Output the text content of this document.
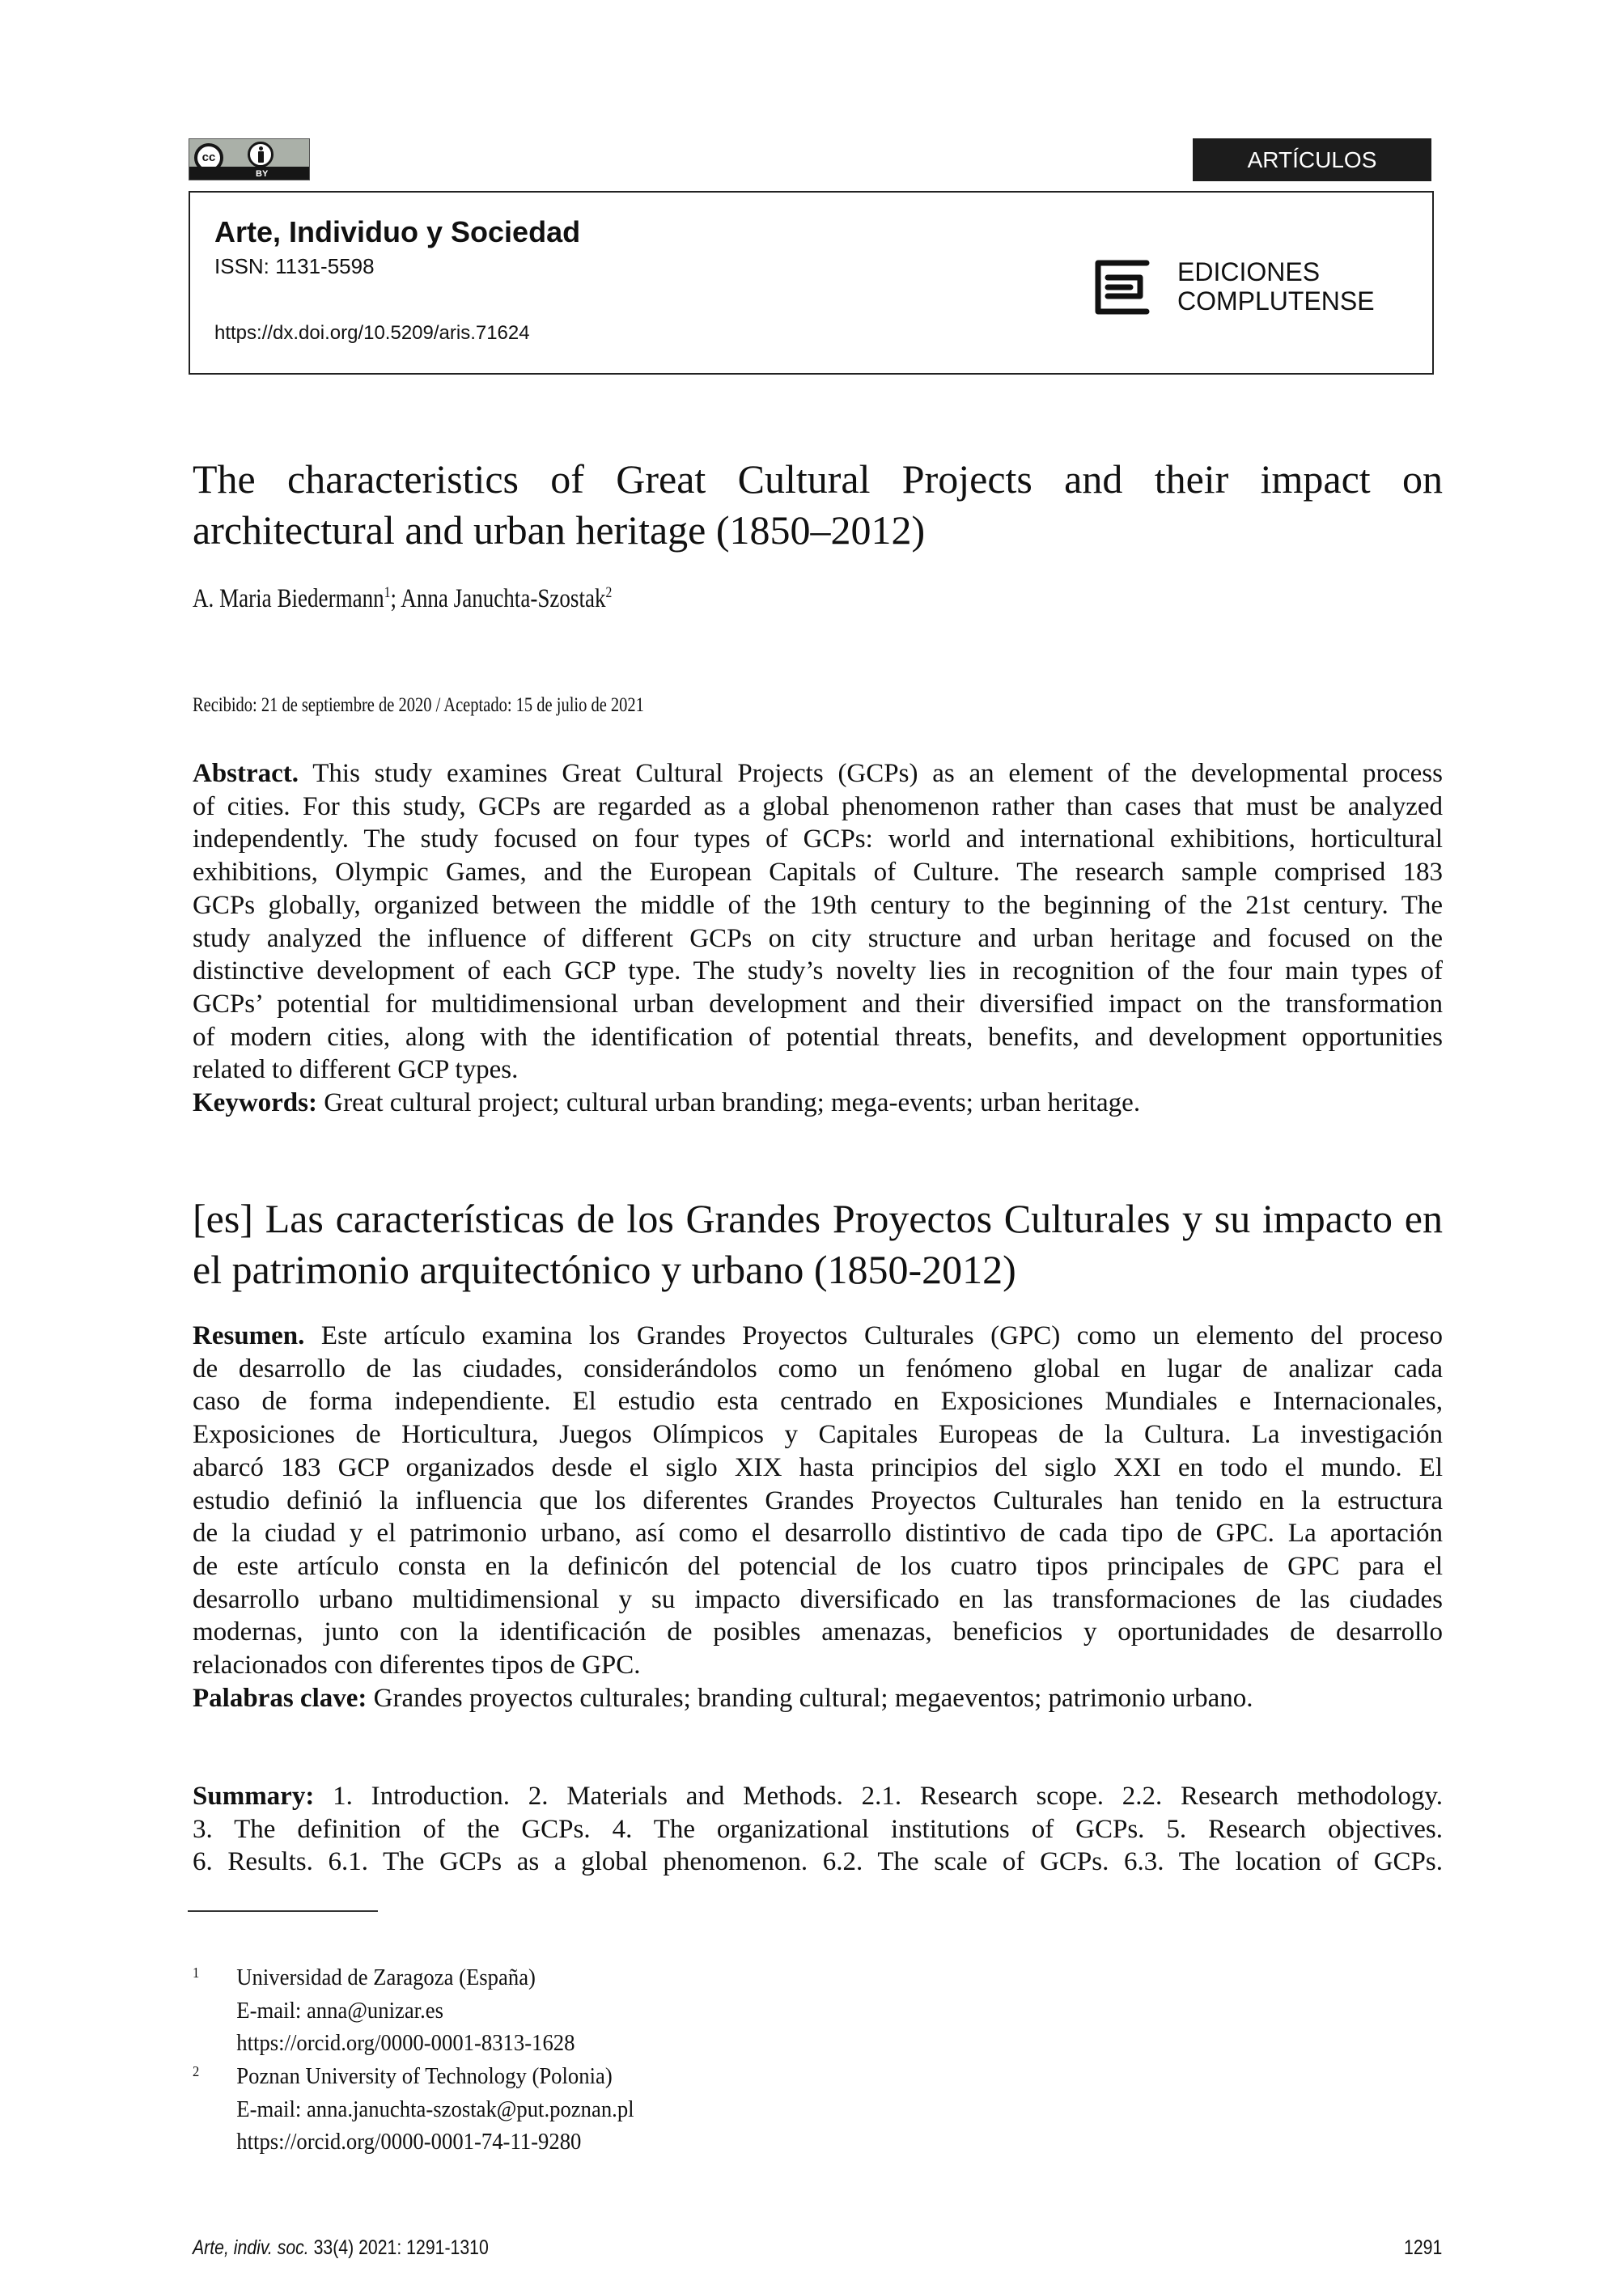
cc
BY
ARTÍCULOS
Arte, Individuo y Sociedad
ISSN: 1131-5598
https://dx.doi.org/10.5209/aris.71624
EDICIONES
COMPLUTENSE
The characteristics of Great Cultural Projects and their impact on
architectural and urban heritage (1850–2012)
A. Maria Biedermann$^1$; Anna Januchta-Szostak$^2$
Recibido: 21 de septiembre de 2020 / Aceptado: 15 de julio de 2021
Abstract. This study examines Great Cultural Projects (GCPs) as an element of the developmental process
of cities. For this study, GCPs are regarded as a global phenomenon rather than cases that must be analyzed
independently. The study focused on four types of GCPs: world and international exhibitions, horticultural
exhibitions, Olympic Games, and the European Capitals of Culture. The research sample comprised 183
GCPs globally, organized between the middle of the 19th century to the beginning of the 21st century. The
study analyzed the influence of different GCPs on city structure and urban heritage and focused on the
distinctive development of each GCP type. The study’s novelty lies in recognition of the four main types of
GCPs’ potential for multidimensional urban development and their diversified impact on the transformation
of modern cities, along with the identification of potential threats, benefits, and development opportunities
related to different GCP types.
Keywords: Great cultural project; cultural urban branding; mega-events; urban heritage.
[es] Las características de los Grandes Proyectos Culturales y su impacto en
el patrimonio arquitectónico y urbano (1850-2012)
Resumen. Este artículo examina los Grandes Proyectos Culturales (GPC) como un elemento del proceso
de desarrollo de las ciudades, considerándolos como un fenómeno global en lugar de analizar cada
caso de forma independiente. El estudio esta centrado en Exposiciones Mundiales e Internacionales,
Exposiciones de Horticultura, Juegos Olímpicos y Capitales Europeas de la Cultura. La investigación
abarcó 183 GCP organizados desde el siglo XIX hasta principios del siglo XXI en todo el mundo. El
estudio definió la influencia que los diferentes Grandes Proyectos Culturales han tenido en la estructura
de la ciudad y el patrimonio urbano, así como el desarrollo distintivo de cada tipo de GPC. La aportación
de este artículo consta en la definicón del potencial de los cuatro tipos principales de GPC para el
desarrollo urbano multidimensional y su impacto diversificado en las transformaciones de las ciudades
modernas, junto con la identificación de posibles amenazas, beneficios y oportunidades de desarrollo
relacionados con diferentes tipos de GPC.
Palabras clave: Grandes proyectos culturales; branding cultural; megaeventos; patrimonio urbano.
Summary: 1. Introduction. 2. Materials and Methods. 2.1. Research scope. 2.2. Research methodology.
3. The definition of the GCPs. 4. The organizational institutions of GCPs. 5. Research objectives.
6. Results. 6.1. The GCPs as a global phenomenon. 6.2. The scale of GCPs. 6.3. The location of GCPs.
1 Universidad de Zaragoza (España)
E-mail: anna@unizar.es
https://orcid.org/0000-0001-8313-1628
2 Poznan University of Technology (Polonia)
E-mail: anna.januchta-szostak@put.poznan.pl
https://orcid.org/0000-0001-74-11-9280
Arte, indiv. soc. 33(4) 2021: 1291-1310	1291
